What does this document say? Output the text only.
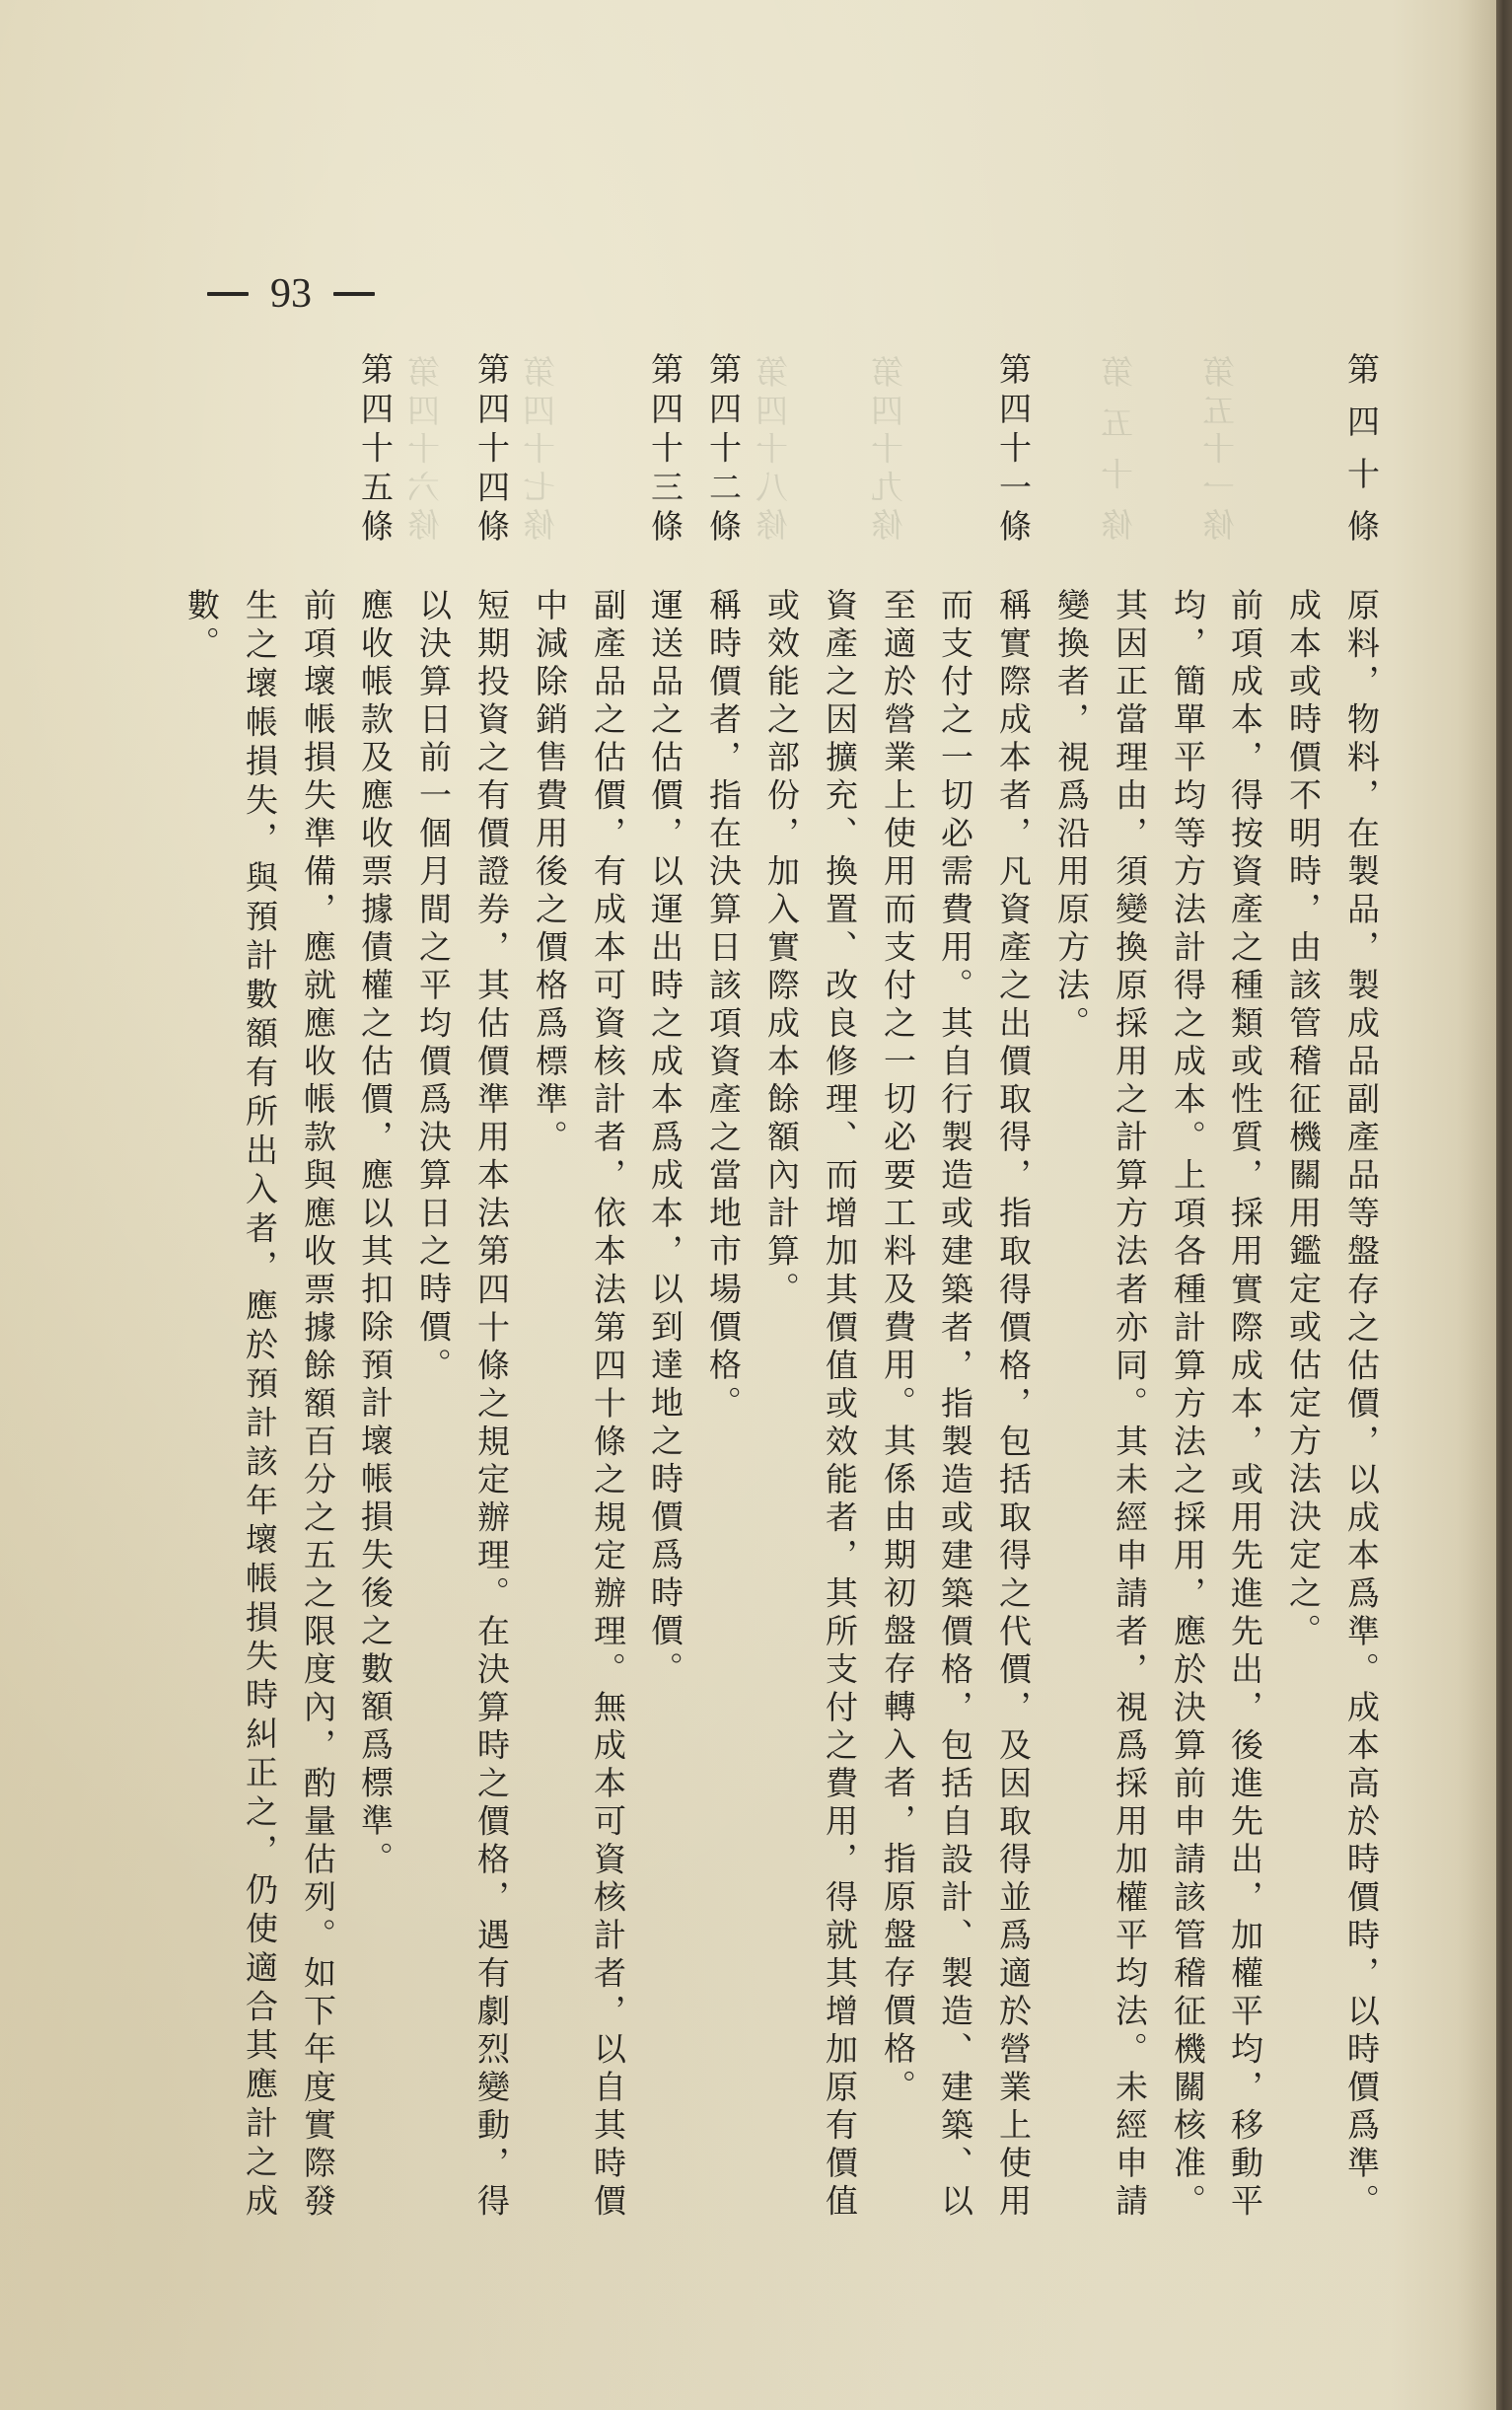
第四十六條 第四十七條	第四十八條 第四十九條	第五十條 第五十一條
93
第四十條
原料，物料，在製品，製成品副產品等盤存之估價，以成本爲準。成本高於時價時，以時價爲準。
成本或時價不明時，由該管稽征機關用鑑定或估定方法決定之。
前項成本，得按資產之種類或性質，採用實際成本，或用先進先出，後進先出，加權平均，移動平
均，簡單平均等方法計得之成本。上項各種計算方法之採用，應於決算前申請該管稽征機關核准。
其因正當理由，須變換原採用之計算方法者亦同。其未經申請者，視爲採用加權平均法。未經申請
變換者，視爲沿用原方法。
第四十一條
稱實際成本者，凡資產之出價取得，指取得價格，包括取得之代價，及因取得並爲適於營業上使用
而支付之一切必需費用。其自行製造或建築者，指製造或建築價格，包括自設計、製造、建築、以
至適於營業上使用而支付之一切必要工料及費用。其係由期初盤存轉入者，指原盤存價格。
資產之因擴充、換置、改良修理、而增加其價值或效能者，其所支付之費用，得就其增加原有價值
或效能之部份，加入實際成本餘額內計算。
第四十二條
稱時價者，指在決算日該項資產之當地市場價格。
第四十三條
運送品之估價，以運出時之成本爲成本，以到達地之時價爲時價。
副產品之估價，有成本可資核計者，依本法第四十條之規定辦理。無成本可資核計者，以自其時價
中減除銷售費用後之價格爲標準。
第四十四條
短期投資之有價證券，其估價準用本法第四十條之規定辦理。在決算時之價格，遇有劇烈變動，得
以決算日前一個月間之平均價爲決算日之時價。
第四十五條
應收帳款及應收票據債權之估價，應以其扣除預計壞帳損失後之數額爲標準。
前項壞帳損失準備，應就應收帳款與應收票據餘額百分之五之限度內，酌量估列。如下年度實際發
生之壞帳損失，與預計數額有所出入者，應於預計該年壞帳損失時糾正之，仍使適合其應計之成
數。
